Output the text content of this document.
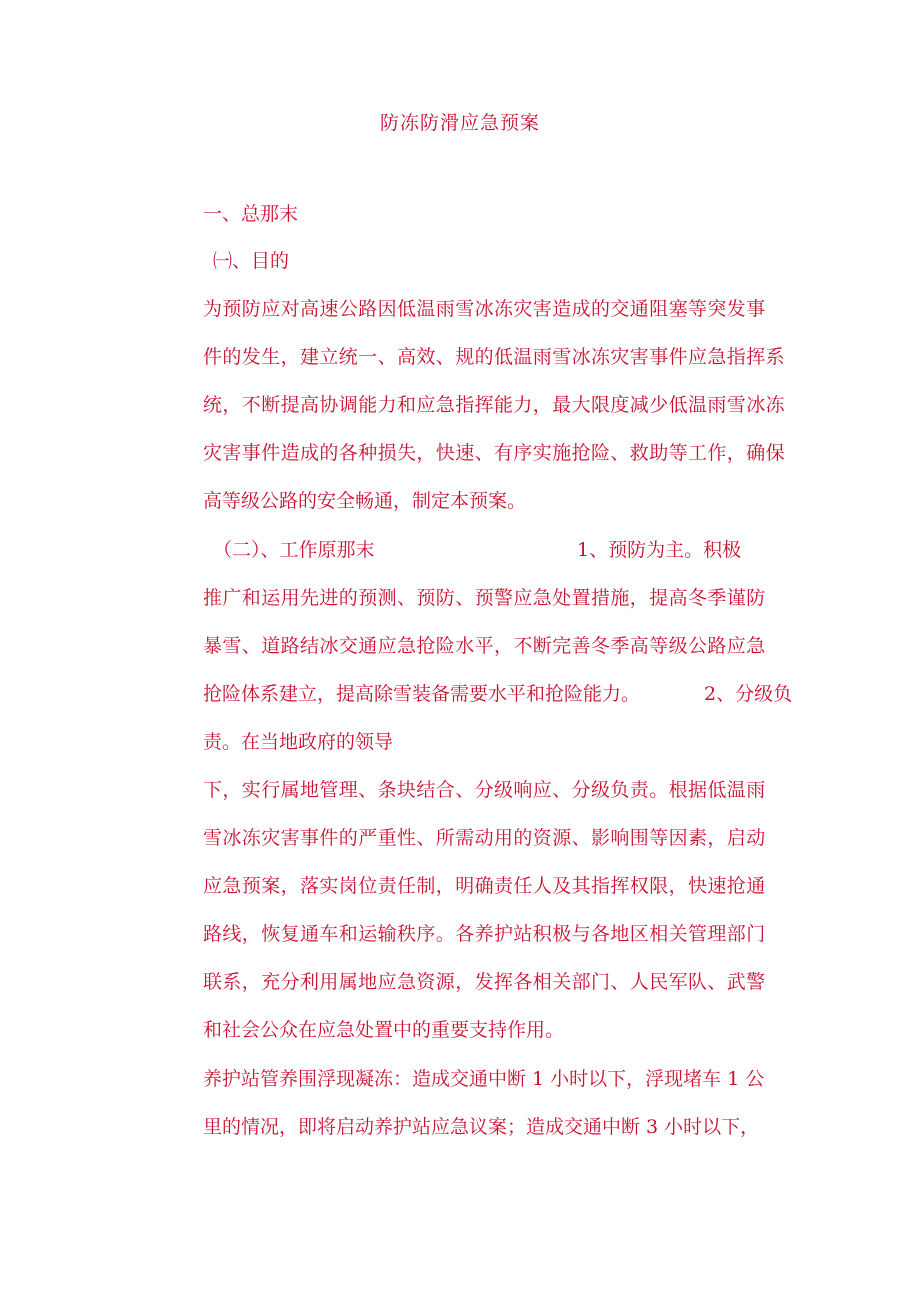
防冻防滑应急预案
一、总那末
㈠、目的
为预防应对高速公路因低温雨雪冰冻灾害造成的交通阻塞等突发事
件的发生，建立统一、高效、规的低温雨雪冰冻灾害事件应急指挥系
统，不断提高协调能力和应急指挥能力，最大限度减少低温雨雪冰冻
灾害事件造成的各种损失，快速、有序实施抢险、救助等工作，确保
高等级公路的安全畅通，制定本预案。
（二）、工作原那末	1、预防为主。积极
推广和运用先进的预测、预防、预警应急处置措施，提高冬季谨防
暴雪、道路结冰交通应急抢险水平，不断完善冬季高等级公路应急
抢险体系建立，提高除雪装备需要水平和抢险能力。	2、分级负
责。在当地政府的领导
下，实行属地管理、条块结合、分级响应、分级负责。根据低温雨
雪冰冻灾害事件的严重性、所需动用的资源、影响围等因素，启动
应急预案，落实岗位责任制，明确责任人及其指挥权限，快速抢通
路线，恢复通车和运输秩序。各养护站积极与各地区相关管理部门
联系，充分利用属地应急资源，发挥各相关部门、人民军队、武警
和社会公众在应急处置中的重要支持作用。
养护站管养围浮现凝冻：造成交通中断 1 小时以下，浮现堵车 1 公
里的情况，即将启动养护站应急议案；造成交通中断 3 小时以下，
